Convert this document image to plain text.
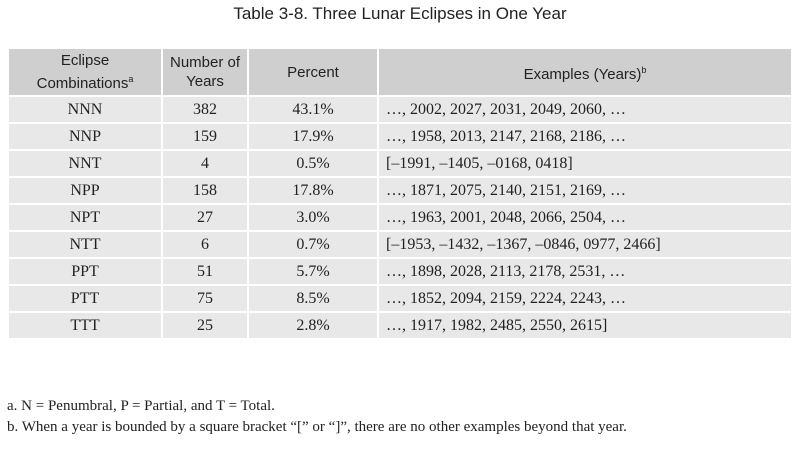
Table 3-8. Three Lunar Eclipses in One Year
Eclipse Combinations$^a$	Number of Years	Percent	Examples (Years)$^b$
NNN	382	43.1%	…, 2002, 2027, 2031, 2049, 2060, …
NNP	159	17.9%	…, 1958, 2013, 2147, 2168, 2186, …
NNT	4	0.5%	[–1991, –1405, –0168, 0418]
NPP	158	17.8%	…, 1871, 2075, 2140, 2151, 2169, …
NPT	27	3.0%	…, 1963, 2001, 2048, 2066, 2504, …
NTT	6	0.7%	[–1953, –1432, –1367, –0846, 0977, 2466]
PPT	51	5.7%	…, 1898, 2028, 2113, 2178, 2531, …
PTT	75	8.5%	…, 1852, 2094, 2159, 2224, 2243, …
TTT	25	2.8%	…, 1917, 1982, 2485, 2550, 2615]
a. N = Penumbral, P = Partial, and T = Total.
b. When a year is bounded by a square bracket “[” or “]”, there are no other examples beyond that year.
